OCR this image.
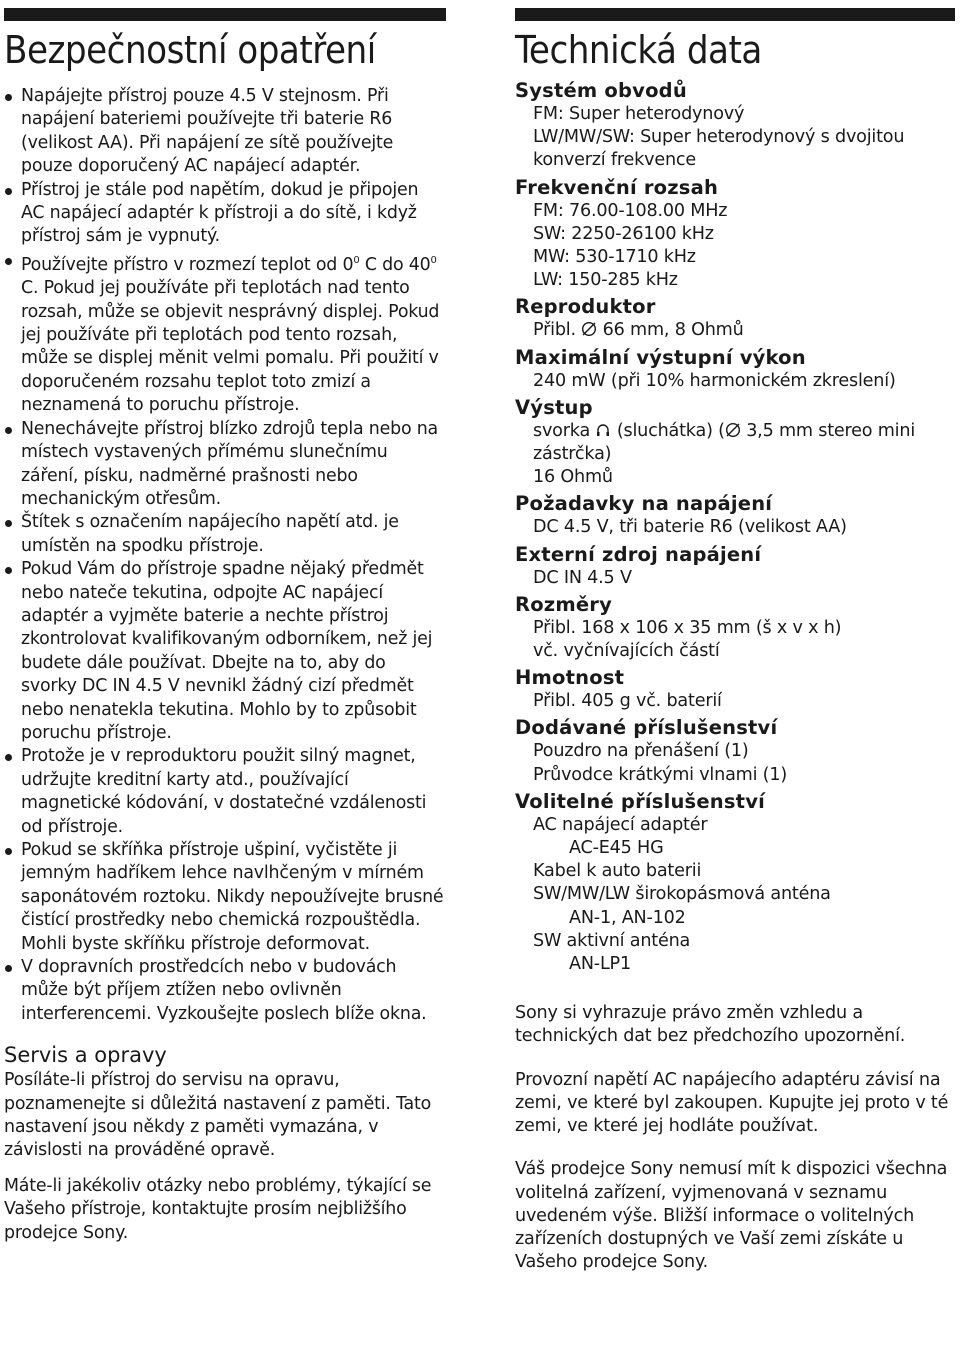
Bezpečnostní opatření
Napájejte přístroj pouze 4.5 V stejnosm. Při napájení bateriemi používejte tři baterie R6 (velikost AA). Při napájení ze sítě používejte pouze doporučený AC napájecí adaptér.
Přístroj je stále pod napětím, dokud je připojen AC napájecí adaptér k přístroji a do sítě, i když přístroj sám je vypnutý.
Používejte přístro v rozmezí teplot od $0^0$ C do $40^0$ C. Pokud jej používáte při teplotách nad tento rozsah, může se objevit nesprávný displej. Pokud jej používáte při teplotách pod tento rozsah, může se displej měnit velmi pomalu. Při použití v doporučeném rozsahu teplot toto zmizí a neznamená to poruchu přístroje.
Nenechávejte přístroj blízko zdrojů tepla nebo na místech vystavených přímému slunečnímu záření, písku, nadměrné prašnosti nebo mechanickým otřesům.
Štítek s označením napájecího napětí atd. je umístěn na spodku přístroje.
Pokud Vám do přístroje spadne nějaký předmět nebo nateče tekutina, odpojte AC napájecí adaptér a vyjměte baterie a nechte přístroj zkontrolovat kvalifikovaným odborníkem, než jej budete dále používat. Dbejte na to, aby do svorky DC IN 4.5 V nevnikl žádný cizí předmět nebo nenatekla tekutina. Mohlo by to způsobit poruchu přístroje.
Protože je v reproduktoru použit silný magnet, udržujte kreditní karty atd., používající magnetické kódování, v dostatečné vzdálenosti od přístroje.
Pokud se skříňka přístroje ušpiní, vyčistěte ji jemným hadříkem lehce navlhčeným v mírném saponátovém roztoku. Nikdy nepoužívejte brusné čistící prostředky nebo chemická rozpouštědla. Mohli byste skříňku přístroje deformovat.
V dopravních prostředcích nebo v budovách může být příjem ztížen nebo ovlivněn interferencemi. Vyzkoušejte poslech blíže okna.
Servis a opravy

Posíláte-li přístroj do servisu na opravu, poznamenejte si důležitá nastavení z paměti. Tato nastavení jsou někdy z paměti vymazána, v závislosti na prováděné opravě.

Máte-li jakékoliv otázky nebo problémy, týkající se Vašeho přístroje, kontaktujte prosím nejbližšího prodejce Sony.

Technická data
Systém obvodů
FM: Super heterodynový
LW/MW/SW: Super heterodynový s dvojitou konverzí frekvence
Frekvenční rozsah
FM: 76.00-108.00 MHz
SW: 2250-26100 kHz
MW: 530-1710 kHz
LW: 150-285 kHz
Reproduktor
Přibl.  66 mm, 8 Ohmů
Maximální výstupní výkon
240 mW (při 10% harmonickém zkreslení)
Výstup
svorka  (sluchátka) ( 3,5 mm stereo mini zástrčka)
16 Ohmů
Požadavky na napájení
DC 4.5 V, tři baterie R6 (velikost AA)
Externí zdroj napájení
DC IN 4.5 V
Rozměry
Přibl. 168 x 106 x 35 mm (š x v x h)
vč. vyčnívajících částí
Hmotnost
Přibl. 405 g vč. baterií
Dodávané příslušenství
Pouzdro na přenášení (1)
Průvodce krátkými vlnami (1)
Volitelné příslušenství
AC napájecí adaptér
AC-E45 HG
Kabel k auto baterii
SW/MW/LW širokopásmová anténa
AN-1, AN-102
SW aktivní anténa
AN-LP1

Sony si vyhrazuje právo změn vzhledu a technických dat bez předchozího upozornění.

Provozní napětí AC napájecího adaptéru závisí na zemi, ve které byl zakoupen. Kupujte jej proto v té zemi, ve které jej hodláte používat.

Váš prodejce Sony nemusí mít k dispozici všechna volitelná zařízení, vyjmenovaná v seznamu uvedeném výše. Bližší informace o volitelných zařízeních dostupných ve Vaší zemi získáte u Vašeho prodejce Sony.
